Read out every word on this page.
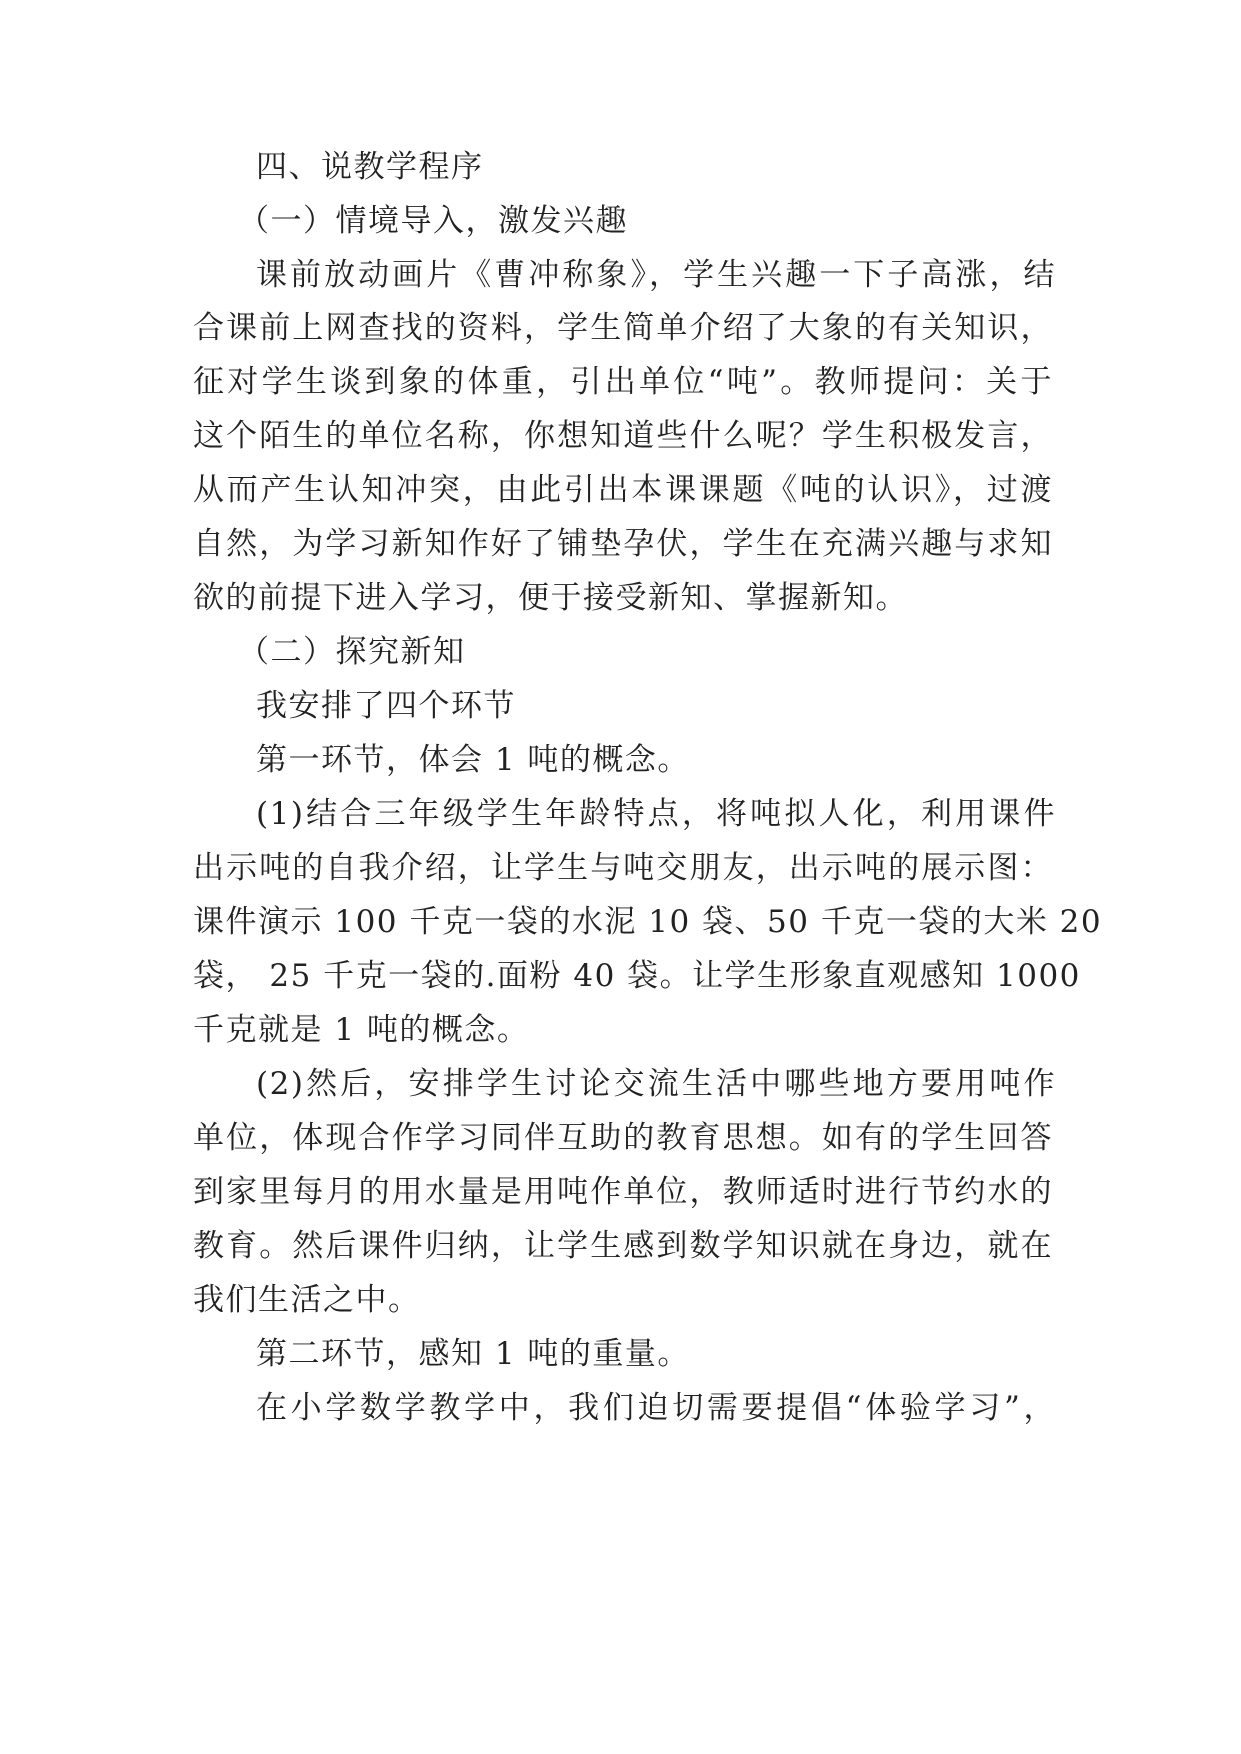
四、说教学程序
（一）情境导入，激发兴趣
课前放动画片《曹冲称象》，学生兴趣一下子高涨，结
合课前上网查找的资料，学生简单介绍了大象的有关知识，
征对学生谈到象的体重，引出单位“吨”。教师提问：关于
这个陌生的单位名称，你想知道些什么呢？学生积极发言，
从而产生认知冲突，由此引出本课课题《吨的认识》，过渡
自然，为学习新知作好了铺垫孕伏，学生在充满兴趣与求知
欲的前提下进入学习，便于接受新知、掌握新知。
（二）探究新知
我安排了四个环节
第一环节，体会 1 吨的概念。
(1)结合三年级学生年龄特点，将吨拟人化，利用课件
出示吨的自我介绍，让学生与吨交朋友，出示吨的展示图：
课件演示 100 千克一袋的水泥 10 袋、50 千克一袋的大米 20
袋， 25 千克一袋的.面粉 40 袋。让学生形象直观感知 1000
千克就是 1 吨的概念。
(2)然后，安排学生讨论交流生活中哪些地方要用吨作
单位，体现合作学习同伴互助的教育思想。如有的学生回答
到家里每月的用水量是用吨作单位，教师适时进行节约水的
教育。然后课件归纳，让学生感到数学知识就在身边，就在
我们生活之中。
第二环节，感知 1 吨的重量。
在小学数学教学中，我们迫切需要提倡“体验学习”，
